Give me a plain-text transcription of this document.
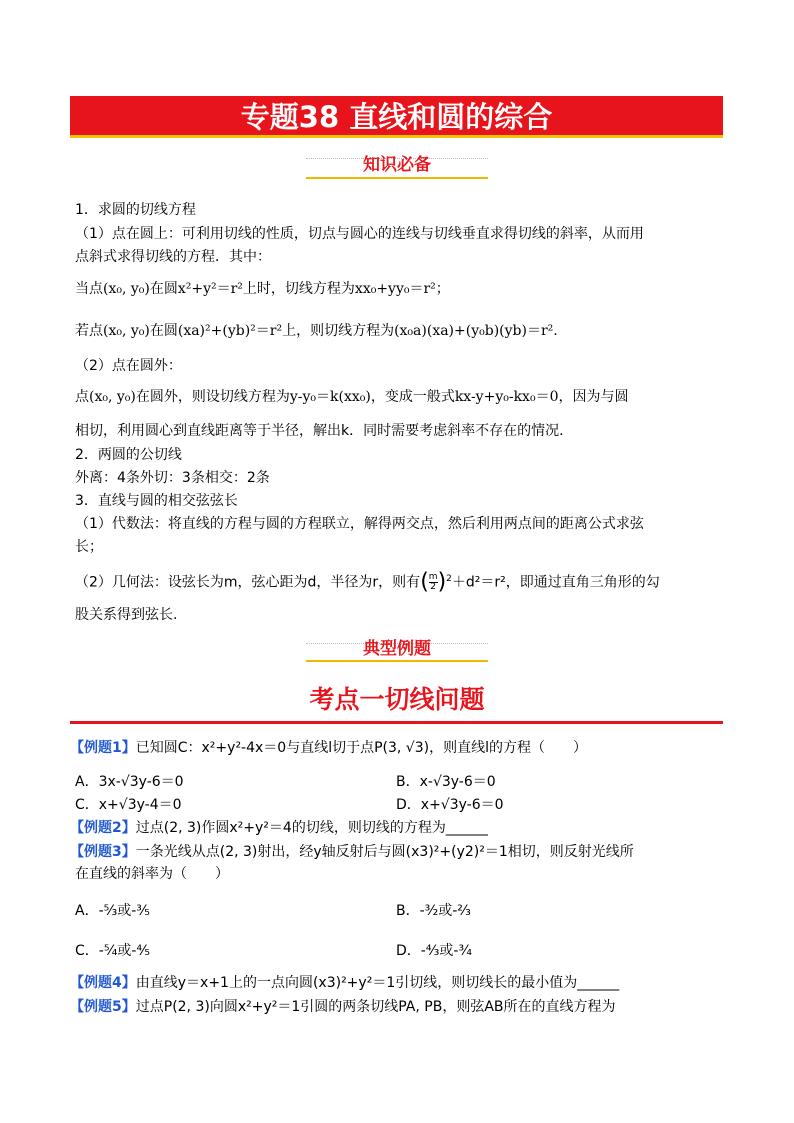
专题38 直线和圆的综合
知识必备
1．求圆的切线方程
（1）点在圆上：可利用切线的性质，切点与圆心的连线与切线垂直求得切线的斜率，从而用
点斜式求得切线的方程．其中：
当点(x₀, y₀)在圆x²+y²＝r²上时，切线方程为xx₀+yy₀＝r²；
若点(x₀, y₀)在圆(xa)²+(yb)²＝r²上，则切线方程为(x₀a)(xa)+(y₀b)(yb)＝r².
（2）点在圆外：
点(x₀, y₀)在圆外，则设切线方程为y-y₀＝k(xx₀)，变成一般式kx-y+y₀-kx₀＝0，因为与圆
相切，利用圆心到直线距离等于半径，解出k．同时需要考虑斜率不存在的情况.
2．两圆的公切线
外离：4条外切：3条相交：2条
3．直线与圆的相交弦弦长
（1）代数法：将直线的方程与圆的方程联立，解得两交点，然后利用两点间的距离公式求弦
长；
（2）几何法：设弦长为m，弦心距为d，半径为r，则有( $\frac{m}{2} )^2+d^2=r^2$，即通过直角三角形的勾
股关系得到弦长.
典型例题
考点一切线问题
【例题1】已知圆C：x²+y²-4x＝0与直线l切于点P(3, √3)，则直线l的方程（　　）
A．3x-√3y-6＝0	B．x-√3y-6＝0
C．x+√3y-4＝0	D．x+√3y-6＝0
【例题2】过点(2, 3)作圆x²+y²＝4的切线，则切线的方程为______
【例题3】一条光线从点(2, 3)射出，经y轴反射后与圆(x3)²+(y2)²＝1相切，则反射光线所
在直线的斜率为（　　）
A．-⁵⁄₃或-³⁄₅	B．-³⁄₂或-²⁄₃
C．-⁵⁄₄或-⁴⁄₅	D．-⁴⁄₃或-³⁄₄
【例题4】由直线y＝x+1上的一点向圆(x3)²+y²＝1引切线，则切线长的最小值为______
【例题5】过点P(2, 3)向圆x²+y²＝1引圆的两条切线PA, PB，则弦AB所在的直线方程为
